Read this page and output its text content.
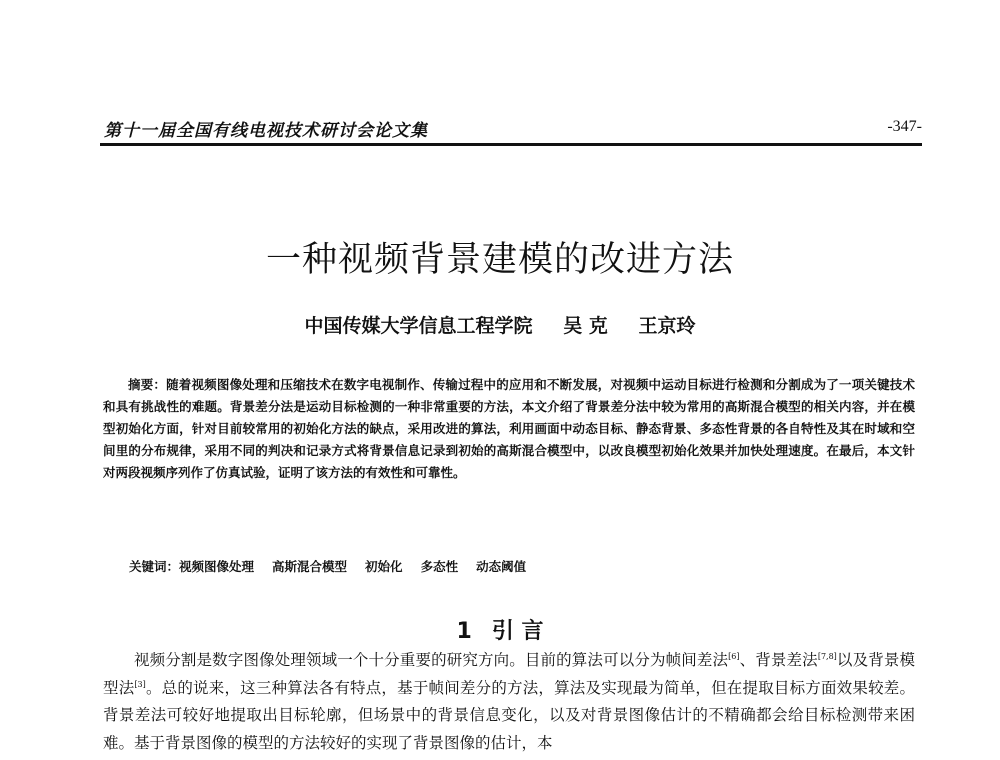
第十一届全国有线电视技术研讨会论文集	-347-
一种视频背景建模的改进方法
中国传媒大学信息工程学院 吴 克 王京玲
摘要：随着视频图像处理和压缩技术在数字电视制作、传输过程中的应用和不断发展，对视频中运动目标进行检测和分割成为了一项关键技术和具有挑战性的难题。背景差分法是运动目标检测的一种非常重要的方法，本文介绍了背景差分法中较为常用的高斯混合模型的相关内容，并在模型初始化方面，针对目前较常用的初始化方法的缺点，采用改进的算法，利用画面中动态目标、静态背景、多态性背景的各自特性及其在时域和空间里的分布规律，采用不同的判决和记录方式将背景信息记录到初始的高斯混合模型中，以改良模型初始化效果并加快处理速度。在最后，本文针对两段视频序列作了仿真试验，证明了该方法的有效性和可靠性。
关键词：视频图像处理 高斯混合模型 初始化 多态性 动态阈值
1 引 言
视频分割是数字图像处理领域一个十分重要的研究方向。目前的算法可以分为帧间差法[6]、背景差法[7,8]以及背景模型法[3]。总的说来，这三种算法各有特点，基于帧间差分的方法，算法及实现最为简单，但在提取目标方面效果较差。背景差法可较好地提取出目标轮廓，但场景中的背景信息变化，以及对背景图像估计的不精确都会给目标检测带来困难。基于背景图像的模型的方法较好的实现了背景图像的估计，本
